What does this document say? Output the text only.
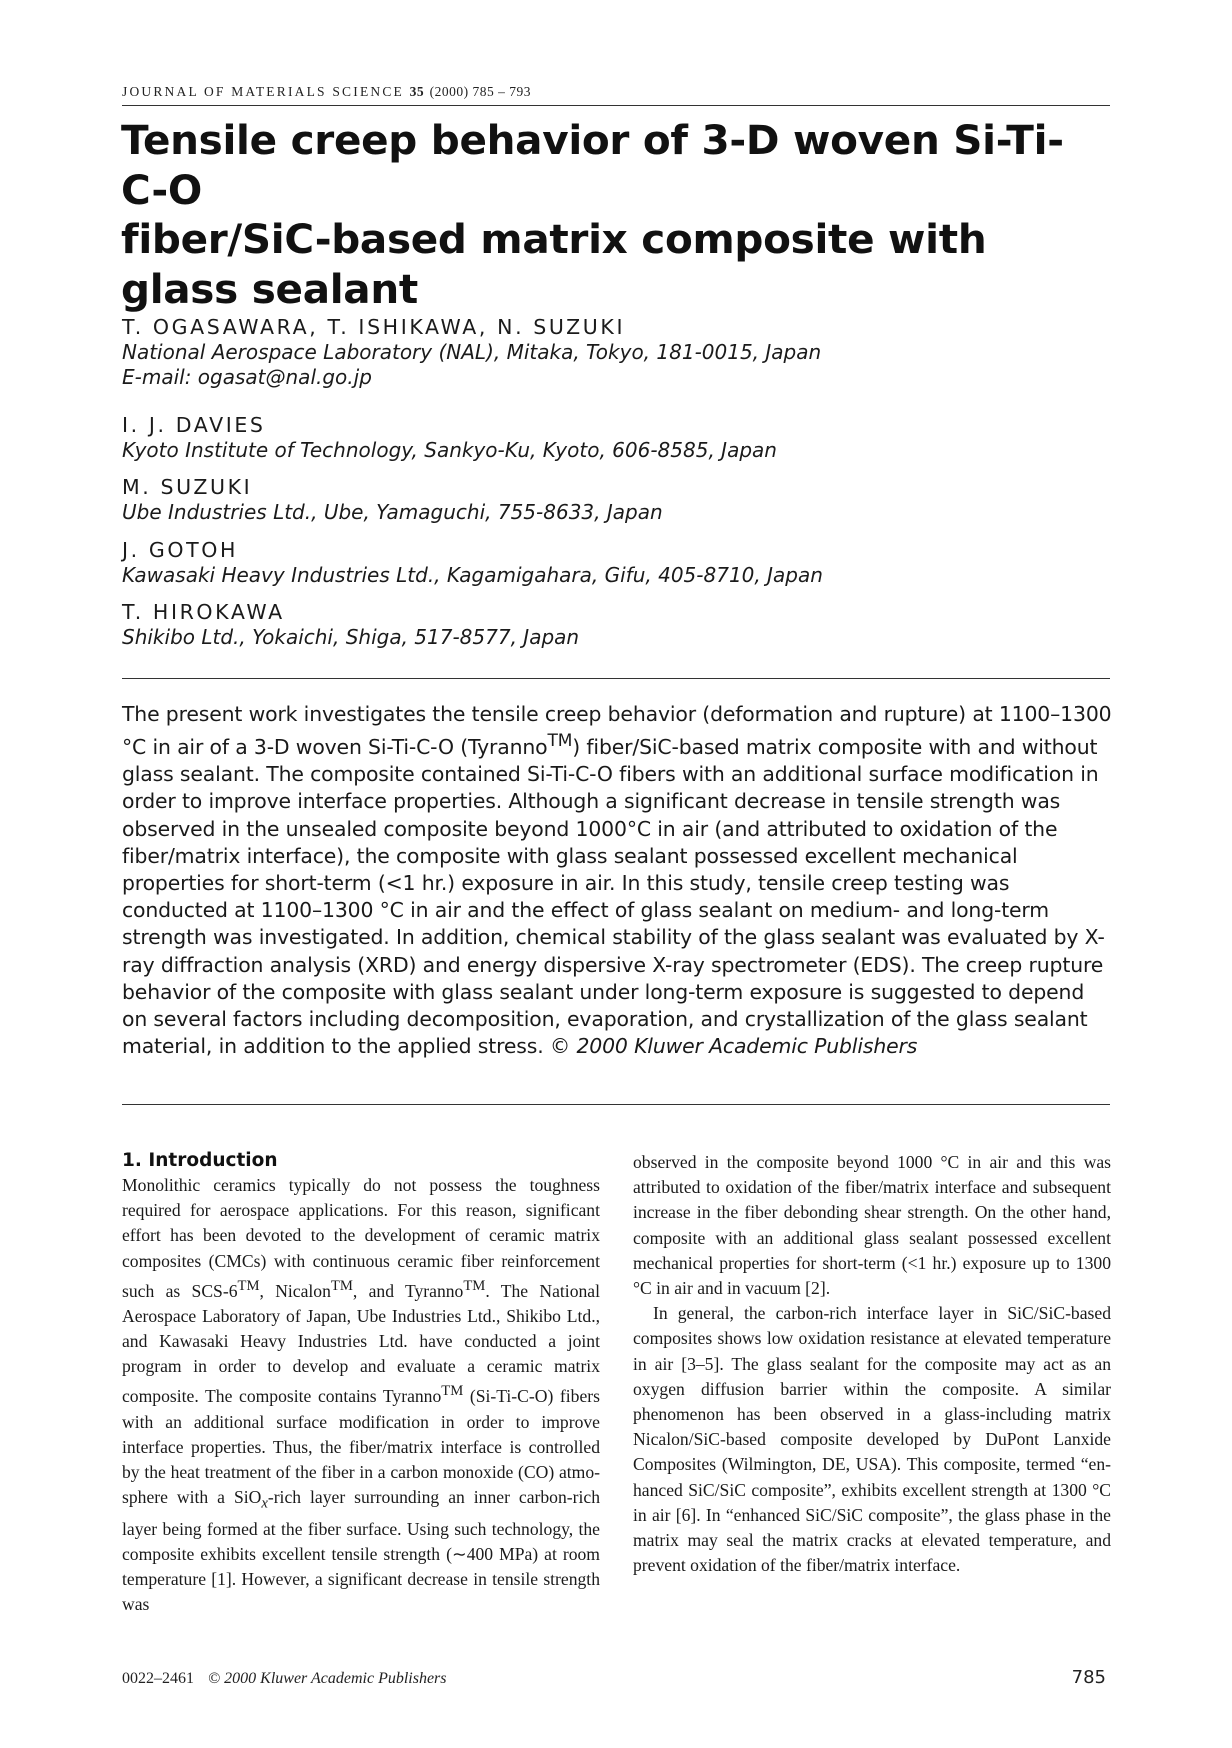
JOURNAL OF MATERIALS SCIENCE 35 (2000) 785 – 793
Tensile creep behavior of 3-D woven Si-Ti-C-O
fiber/SiC-based matrix composite with
glass sealant
T. OGASAWARA, T. ISHIKAWA, N. SUZUKI
National Aerospace Laboratory (NAL), Mitaka, Tokyo, 181-0015, Japan
E-mail: ogasat@nal.go.jp
I. J. DAVIES
Kyoto Institute of Technology, Sankyo-Ku, Kyoto, 606-8585, Japan
M. SUZUKI
Ube Industries Ltd., Ube, Yamaguchi, 755-8633, Japan
J. GOTOH
Kawasaki Heavy Industries Ltd., Kagamigahara, Gifu, 405-8710, Japan
T. HIROKAWA
Shikibo Ltd., Yokaichi, Shiga, 517-8577, Japan

The present work investigates the tensile creep behavior (deformation and rupture) at 1100–1300 °C in air of a 3-D woven Si-Ti-C-O (Tyranno™) fiber/SiC-based matrix composite with and without glass sealant. The composite contained Si-Ti-C-O fibers with an additional surface modification in order to improve interface properties. Although a significant decrease in tensile strength was observed in the unsealed composite beyond 1000°C in air (and attributed to oxidation of the fiber/matrix interface), the composite with glass sealant possessed excellent mechanical properties for short-term (<1 hr.) exposure in air. In this study, tensile creep testing was conducted at 1100–1300 °C in air and the effect of glass sealant on medium- and long-term strength was investigated. In addition, chemical stability of the glass sealant was evaluated by X-ray diffraction analysis (XRD) and energy dispersive X-ray spectrometer (EDS). The creep rupture behavior of the composite with glass sealant under long-term exposure is suggested to depend on several factors including decomposition, evaporation, and crystallization of the glass sealant material, in addition to the applied stress. © 2000 Kluwer Academic Publishers

1. Introduction

Monolithic ceramics typically do not possess the toughness required for aerospace applications. For this reason, significant effort has been devoted to the development of ceramic matrix composites (CMCs) with continuous ceramic fiber reinforcement such as SCS-6™, Nicalon™, and Tyranno™. The National Aerospace Laboratory of Japan, Ube Industries Ltd., Shikibo Ltd., and Kawasaki Heavy Industries Ltd. have conducted a joint program in order to develop and evaluate a ceramic matrix composite. The composite contains Tyranno™ (Si-Ti-C-O) fibers with an additional surface modification in order to improve interface properties. Thus, the fiber/matrix interface is controlled by the heat treatment of the fiber in a carbon monoxide (CO) atmosphere with a SiO$_x$-rich layer surrounding an inner carbon-rich layer being formed at the fiber surface. Using such technology, the composite exhibits excellent tensile strength (∼400 MPa) at room temperature [1]. However, a significant decrease in tensile strength was

observed in the composite beyond 1000 °C in air and this was attributed to oxidation of the fiber/matrix interface and subsequent increase in the fiber debonding shear strength. On the other hand, composite with an additional glass sealant possessed excellent mechanical properties for short-term (<1 hr.) exposure up to 1300 °C in air and in vacuum [2].

In general, the carbon-rich interface layer in SiC/SiC-based composites shows low oxidation resistance at elevated temperature in air [3–5]. The glass sealant for the composite may act as an oxygen diffusion barrier within the composite. A similar phenomenon has been observed in a glass-including matrix Nicalon/SiC-based composite developed by DuPont Lanxide Composites (Wilmington, DE, USA). This composite, termed “enhanced SiC/SiC composite”, exhibits excellent strength at 1300 °C in air [6]. In “enhanced SiC/SiC composite”, the glass phase in the matrix may seal the matrix cracks at elevated temperature, and prevent oxidation of the fiber/matrix interface.

0022–2461 © 2000 Kluwer Academic Publishers	785
